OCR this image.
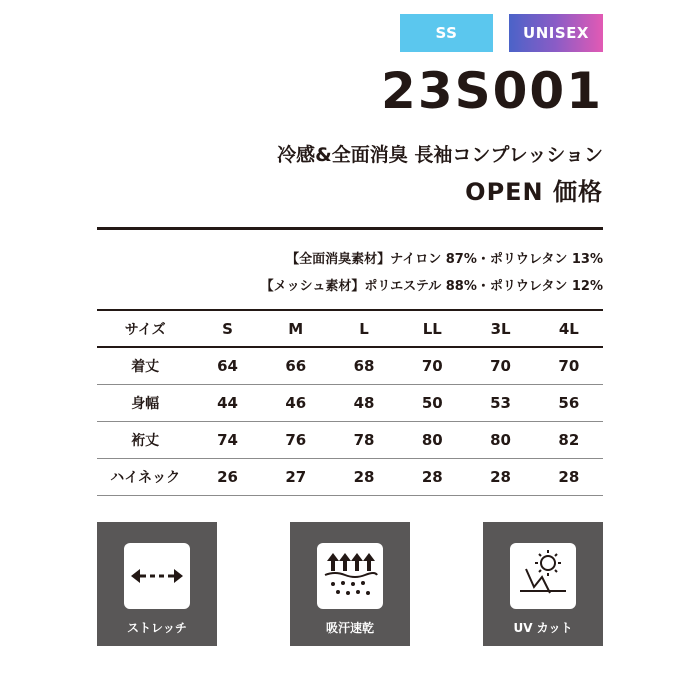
SS	UNISEX
23S001
冷感&全面消臭 長袖コンプレッション
OPEN 価格
【全面消臭素材】ナイロン 87%・ポリウレタン 13%
【メッシュ素材】ポリエステル 88%・ポリウレタン 12%
サイズ	S	M	L	LL	3L	4L
着丈	64	66	68	70	70	70
身幅	44	46	48	50	53	56
裄丈	74	76	78	80	80	82
ハイネック	26	27	28	28	28	28
ストレッチ	吸汗速乾	UV カット
